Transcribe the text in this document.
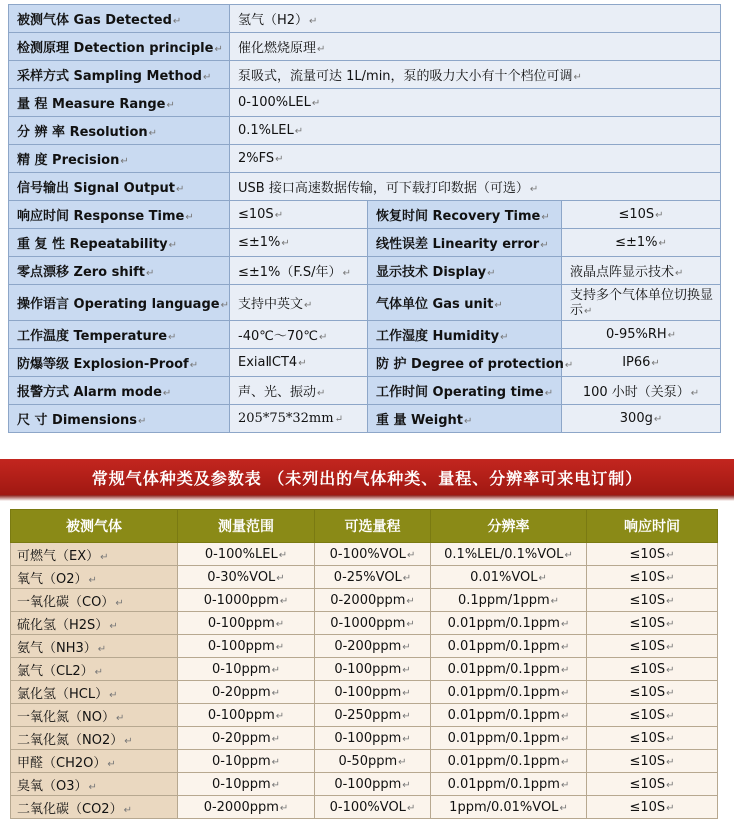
被测气体 Gas Detected↵	氢气（H2）↵		
检测原理 Detection principle↵	催化燃烧原理↵		
采样方式 Sampling Method↵	泵吸式，流量可达 1L/min，泵的吸力大小有十个档位可调↵		
量 程 Measure Range↵	0-100%LEL↵		
分 辨 率 Resolution↵	0.1%LEL↵		
精 度 Precision↵	2%FS↵		
信号输出 Signal Output↵	USB 接口高速数据传输，可下载打印数据（可选）↵		
响应时间 Response Time↵	≤10S↵	恢复时间 Recovery Time↵	≤10S↵
重 复 性 Repeatability↵	≤±1%↵	线性误差 Linearity error↵	≤±1%↵
零点漂移 Zero shift↵	≤±1%（F.S/年）↵	显示技术 Display↵	液晶点阵显示技术↵
操作语言 Operating language↵	支持中英文↵	气体单位 Gas unit↵	支持多个气体单位切换显示↵
工作温度 Temperature↵	-40℃～70℃↵	工作湿度 Humidity↵	0-95%RH↵
防爆等级 Explosion-Proof↵	ExiaⅡCT4↵	防 护 Degree of protection↵	IP66↵
报警方式 Alarm mode↵	声、光、振动↵	工作时间 Operating time↵	100 小时（关泵）↵
尺 寸 Dimensions↵	205*75*32mm↵	重 量 Weight↵	300g↵
常规气体种类及参数表 （未列出的气体种类、量程、分辨率可来电订制）
被测气体	测量范围	可选量程	分辨率	响应时间
可燃气（EX）↵	0-100%LEL↵	0-100%VOL↵	0.1%LEL/0.1%VOL↵	≤10S↵
氧气（O2）↵	0-30%VOL↵	0-25%VOL↵	0.01%VOL↵	≤10S↵
一氧化碳（CO）↵	0-1000ppm↵	0-2000ppm↵	0.1ppm/1ppm↵	≤10S↵
硫化氢（H2S）↵	0-100ppm↵	0-1000ppm↵	0.01ppm/0.1ppm↵	≤10S↵
氨气（NH3）↵	0-100ppm↵	0-200ppm↵	0.01ppm/0.1ppm↵	≤10S↵
氯气（CL2）↵	0-10ppm↵	0-100ppm↵	0.01ppm/0.1ppm↵	≤10S↵
氯化氢（HCL）↵	0-20ppm↵	0-100ppm↵	0.01ppm/0.1ppm↵	≤10S↵
一氧化氮（NO）↵	0-100ppm↵	0-250ppm↵	0.01ppm/0.1ppm↵	≤10S↵
二氧化氮（NO2）↵	0-20ppm↵	0-100ppm↵	0.01ppm/0.1ppm↵	≤10S↵
甲醛（CH2O）↵	0-10ppm↵	0-50ppm↵	0.01ppm/0.1ppm↵	≤10S↵
臭氧（O3）↵	0-10ppm↵	0-100ppm↵	0.01ppm/0.1ppm↵	≤10S↵
二氧化碳（CO2）↵	0-2000ppm↵	0-100%VOL↵	1ppm/0.01%VOL↵	≤10S↵
